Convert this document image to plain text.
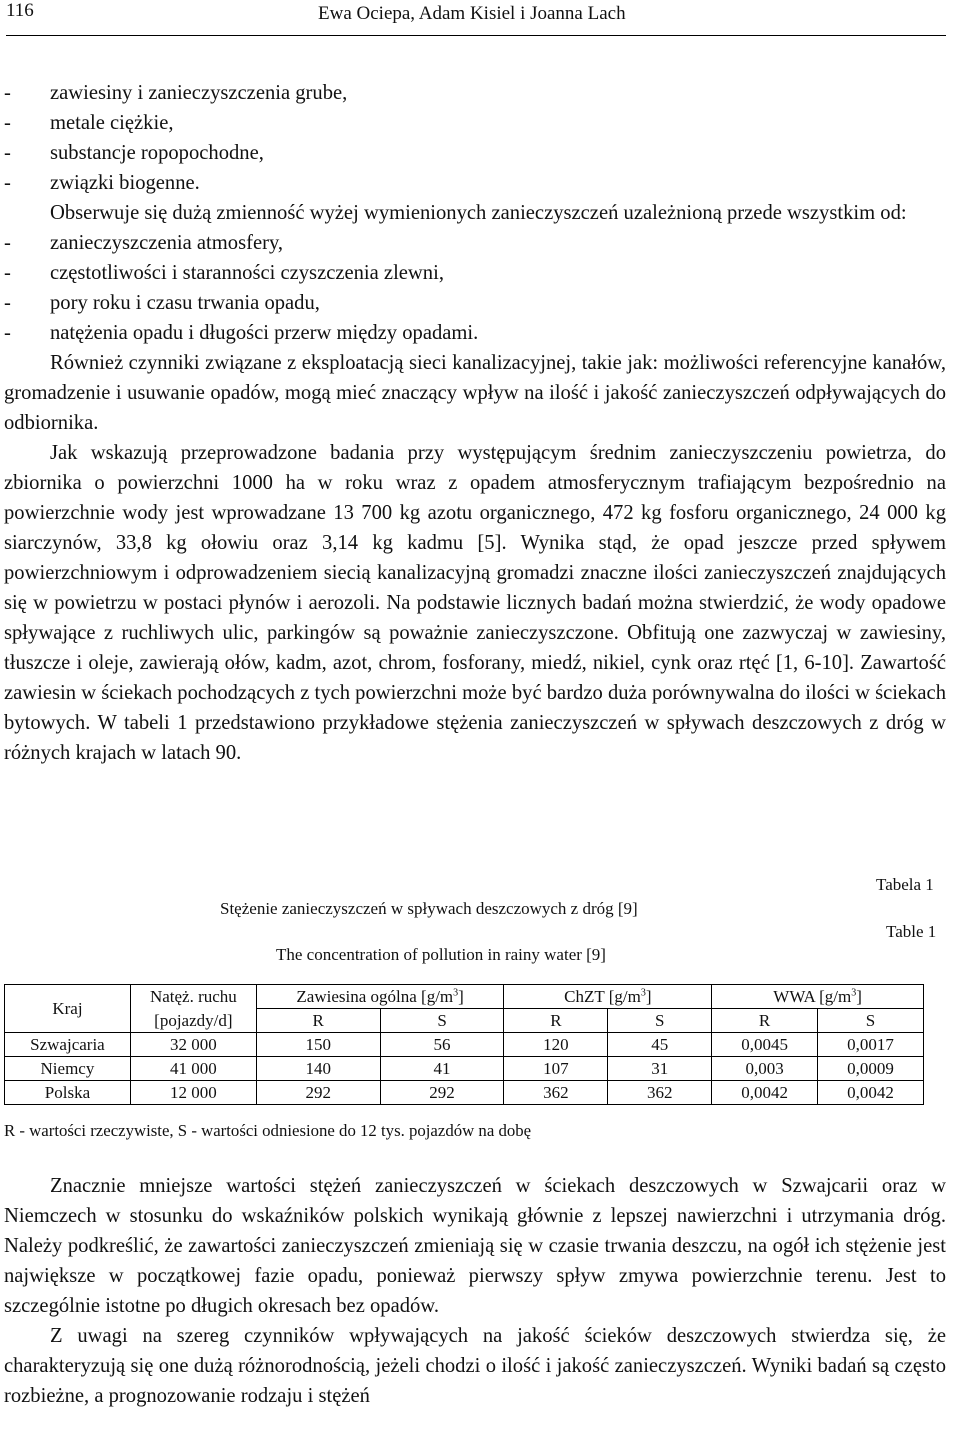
116	Ewa Ociepa, Adam Kisiel i Joanna Lach
- zawiesiny i zanieczyszczenia grube,
- metale ciężkie,
- substancje ropopochodne,
- związki biogenne.

Obserwuje się dużą zmienność wyżej wymienionych zanieczyszczeń uzależnioną przede wszystkim od:

- zanieczyszczenia atmosfery,
- częstotliwości i staranności czyszczenia zlewni,
- pory roku i czasu trwania opadu,
- natężenia opadu i długości przerw między opadami.

Również czynniki związane z eksploatacją sieci kanalizacyjnej, takie jak: możliwości referencyjne kanałów, gromadzenie i usuwanie opadów, mogą mieć znaczący wpływ na ilość i jakość zanieczyszczeń odpływających do odbiornika.

Jak wskazują przeprowadzone badania przy występującym średnim zanieczyszczeniu powietrza, do zbiornika o powierzchni 1000 ha w roku wraz z opadem atmosferycznym trafiającym bezpośrednio na powierzchnie wody jest wprowadzane 13 700 kg azotu organicznego, 472 kg fosforu organicznego, 24 000 kg siarczynów, 33,8 kg ołowiu oraz 3,14 kg kadmu [5]. Wynika stąd, że opad jeszcze przed spływem powierzchniowym i odprowadzeniem siecią kanalizacyjną gromadzi znaczne ilości zanieczyszczeń znajdujących się w powietrzu w postaci płynów i aerozoli. Na podstawie licznych badań można stwierdzić, że wody opadowe spływające z ruchliwych ulic, parkingów są poważnie zanieczyszczone. Obfitują one zazwyczaj w zawiesiny, tłuszcze i oleje, zawierają ołów, kadm, azot, chrom, fosforany, miedź, nikiel, cynk oraz rtęć [1, 6-10]. Zawartość zawiesin w ściekach pochodzących z tych powierzchni może być bardzo duża porównywalna do ilości w ściekach bytowych. W tabeli 1 przedstawiono przykładowe stężenia zanieczyszczeń w spływach deszczowych z dróg w różnych krajach w latach 90.

Tabela 1
Stężenie zanieczyszczeń w spływach deszczowych z dróg [9]
Table 1
The concentration of pollution in rainy water [9]
Kraj	Natęż. ruchu	Zawiesina ogólna $[g/m^3]$		ChZT $[g/m^3]$		WWA $[g/m^3]$	
	[pojazdy/d]	R	S	R	S	R	S
Szwajcaria	32 000	150	56	120	45	0,0045	0,0017
Niemcy	41 000	140	41	107	31	0,003	0,0009
Polska	12 000	292	292	362	362	0,0042	0,0042
R - wartości rzeczywiste, S - wartości odniesione do 12 tys. pojazdów na dobę

Znacznie mniejsze wartości stężeń zanieczyszczeń w ściekach deszczowych w Szwajcarii oraz w Niemczech w stosunku do wskaźników polskich wynikają głównie z lepszej nawierzchni i utrzymania dróg. Należy podkreślić, że zawartości zanieczyszczeń zmieniają się w czasie trwania deszczu, na ogół ich stężenie jest największe w początkowej fazie opadu, ponieważ pierwszy spływ zmywa powierzchnie terenu. Jest to szczególnie istotne po długich okresach bez opadów.

Z uwagi na szereg czynników wpływających na jakość ścieków deszczowych stwierdza się, że charakteryzują się one dużą różnorodnością, jeżeli chodzi o ilość i jakość zanieczyszczeń. Wyniki badań są często rozbieżne, a prognozowanie rodzaju i stężeń
